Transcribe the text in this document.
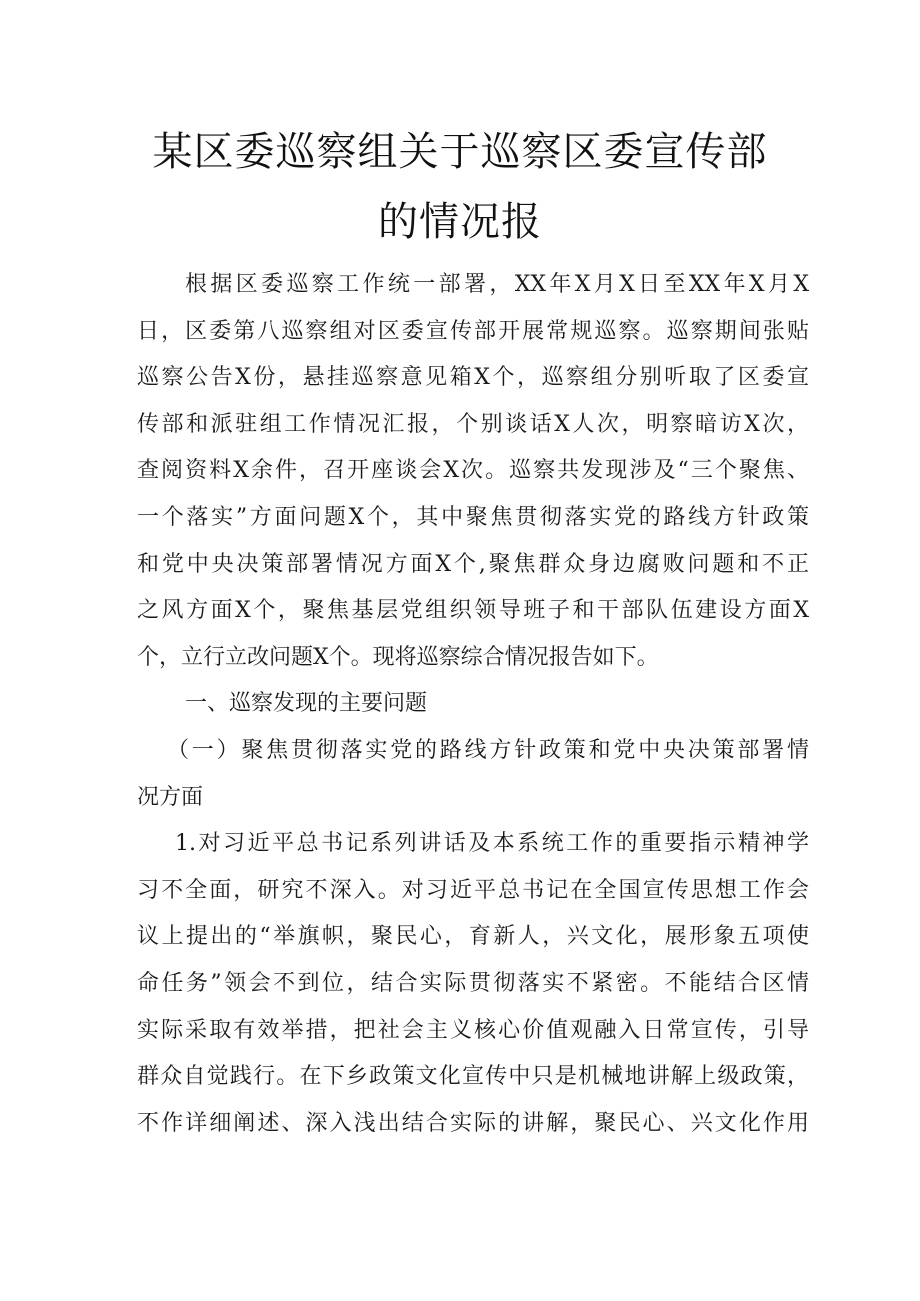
某区委巡察组关于巡察区委宣传部
的情况报
根据区委巡察工作统一部署，XX年X月X日至XX年X月X
日，区委第八巡察组对区委宣传部开展常规巡察。巡察期间张贴
巡察公告X份，悬挂巡察意见箱X个，巡察组分别听取了区委宣
传部和派驻组工作情况汇报，个别谈话X人次，明察暗访X次，
查阅资料X余件，召开座谈会X次。巡察共发现涉及“三个聚焦、
一个落实”方面问题X个，其中聚焦贯彻落实党的路线方针政策
和党中央决策部署情况方面X个,聚焦群众身边腐败问题和不正
之风方面X个，聚焦基层党组织领导班子和干部队伍建设方面X
个，立行立改问题X个。现将巡察综合情况报告如下。
一、巡察发现的主要问题
（一）聚焦贯彻落实党的路线方针政策和党中央决策部署情
况方面
1.对习近平总书记系列讲话及本系统工作的重要指示精神学
习不全面，研究不深入。对习近平总书记在全国宣传思想工作会
议上提出的“举旗帜，聚民心，育新人，兴文化，展形象五项使
命任务”领会不到位，结合实际贯彻落实不紧密。不能结合区情
实际采取有效举措，把社会主义核心价值观融入日常宣传，引导
群众自觉践行。在下乡政策文化宣传中只是机械地讲解上级政策，
不作详细阐述、深入浅出结合实际的讲解，聚民心、兴文化作用
